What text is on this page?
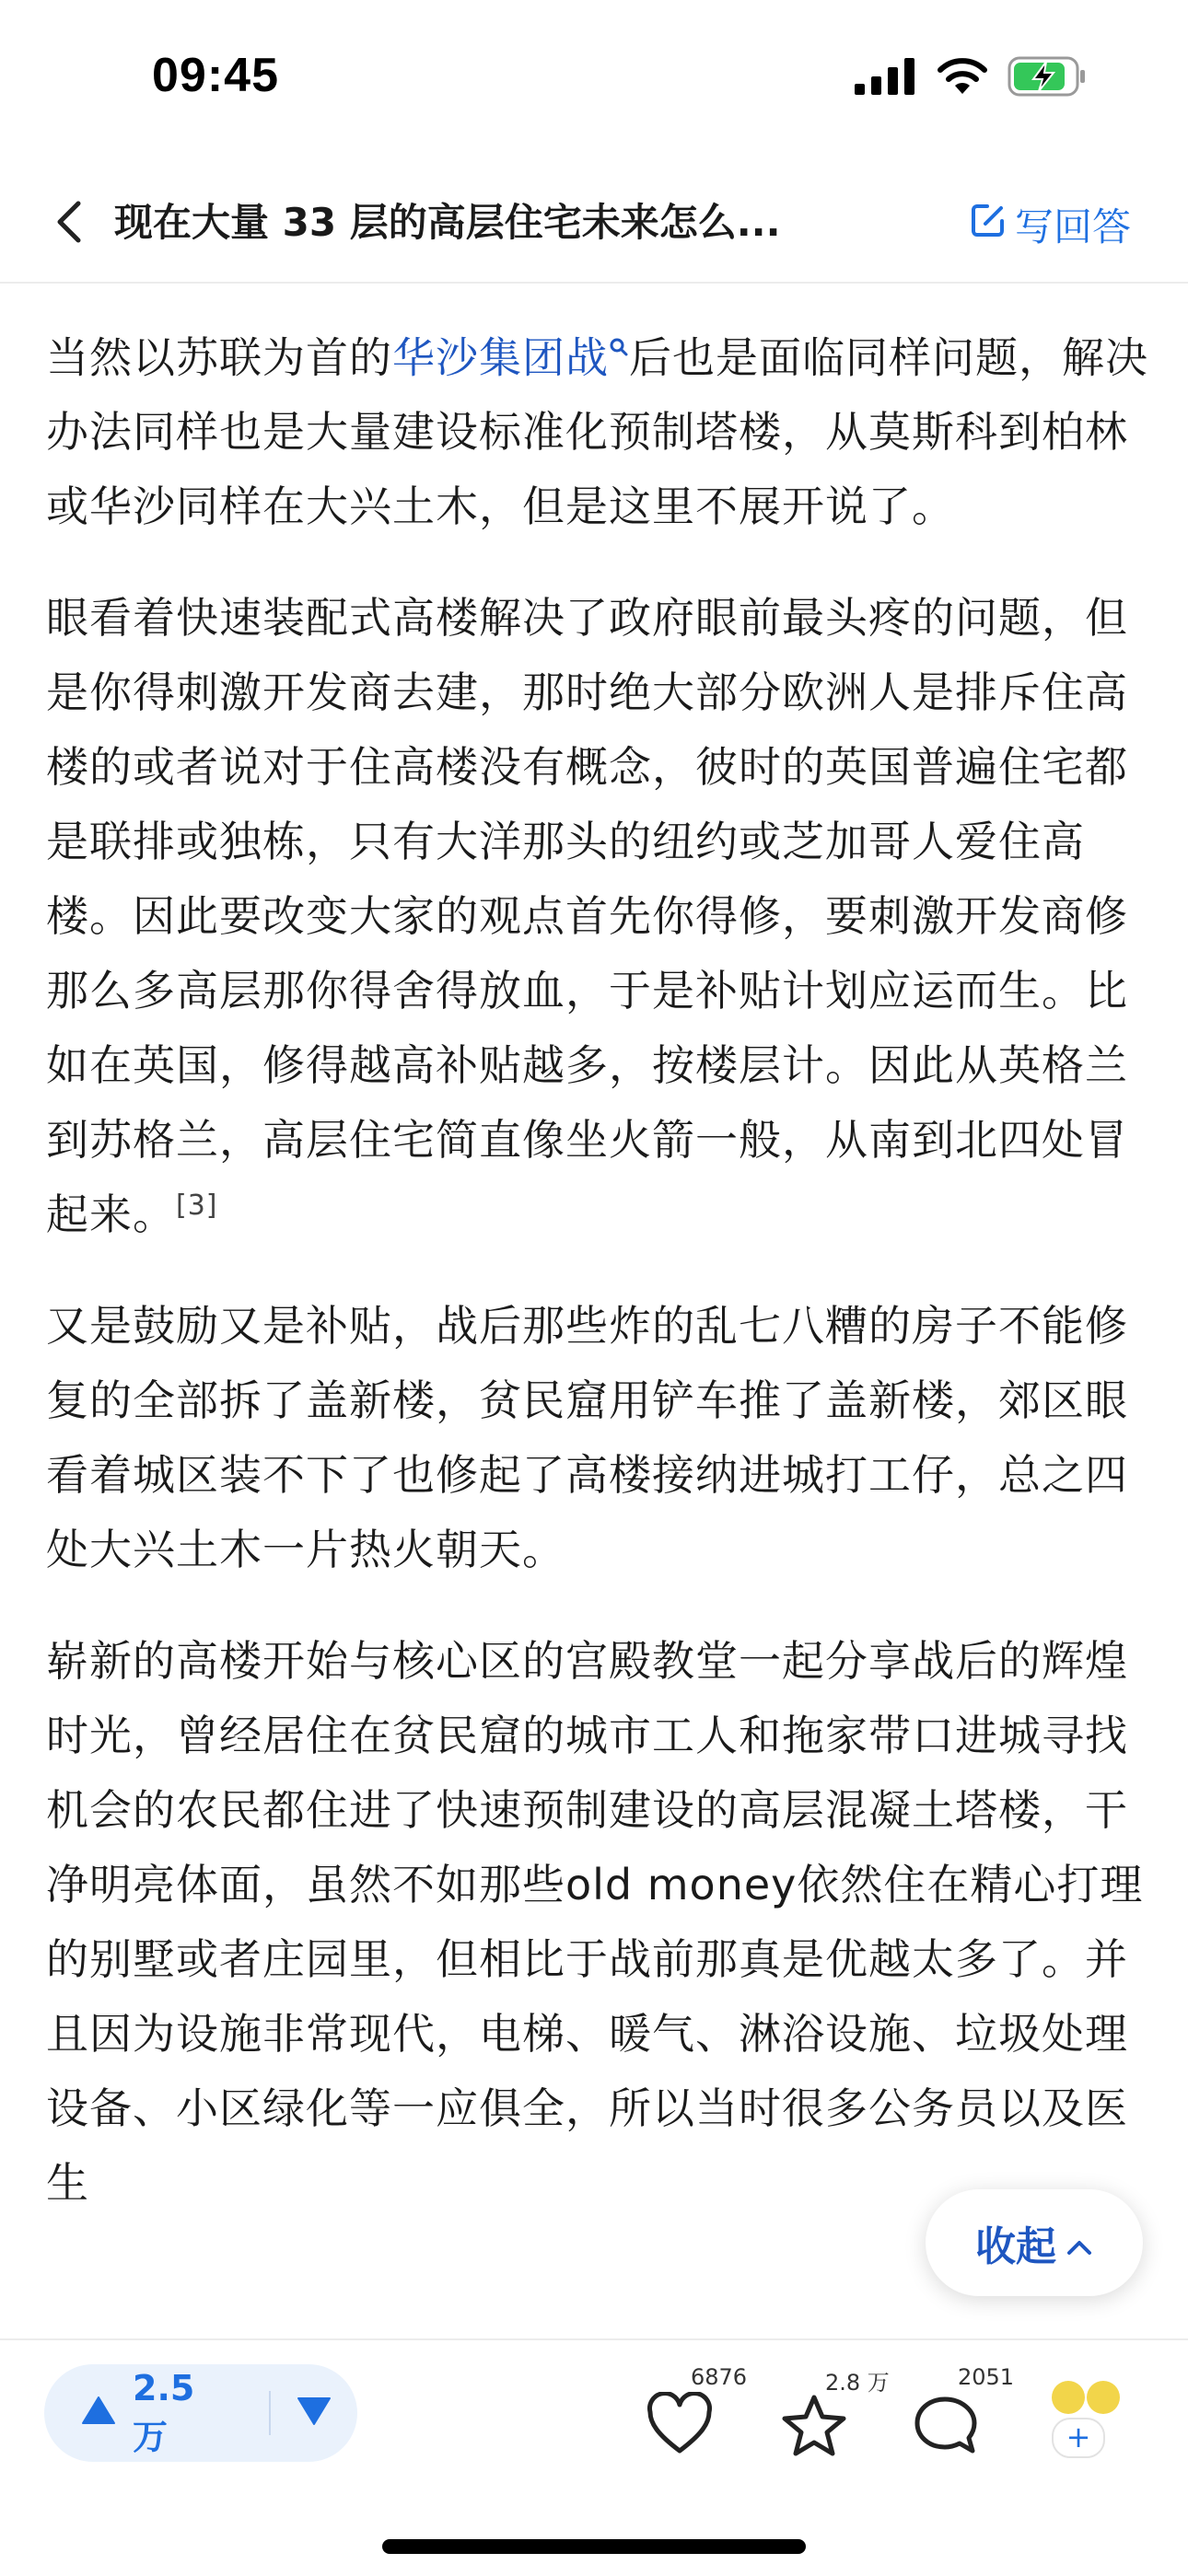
09:45
现在大量 33 层的高层住宅未来怎么...	写回答

当然以苏联为首的华沙集团战 后也是面临同样问题，解决办法同样也是大量建设标准化预制塔楼，从莫斯科到柏林或华沙同样在大兴土木，但是这里不展开说了。

眼看着快速装配式高楼解决了政府眼前最头疼的问题，但是你得刺激开发商去建，那时绝大部分欧洲人是排斥住高楼的或者说对于住高楼没有概念，彼时的英国普遍住宅都是联排或独栋，只有大洋那头的纽约或芝加哥人爱住高楼。因此要改变大家的观点首先你得修，要刺激开发商修那么多高层那你得舍得放血，于是补贴计划应运而生。比如在英国，修得越高补贴越多，按楼层计。因此从英格兰到苏格兰，高层住宅简直像坐火箭一般，从南到北四处冒起来。[3]

又是鼓励又是补贴，战后那些炸的乱七八糟的房子不能修复的全部拆了盖新楼，贫民窟用铲车推了盖新楼，郊区眼看着城区装不下了也修起了高楼接纳进城打工仔，总之四处大兴土木一片热火朝天。

崭新的高楼开始与核心区的宫殿教堂一起分享战后的辉煌时光，曾经居住在贫民窟的城市工人和拖家带口进城寻找机会的农民都住进了快速预制建设的高层混凝土塔楼，干净明亮体面，虽然不如那些old money依然住在精心打理的别墅或者庄园里，但相比于战前那真是优越太多了。并且因为设施非常现代，电梯、暖气、淋浴设施、垃圾处理设备、小区绿化等一应俱全，所以当时很多公务员以及医生

收起
2.5 万
6876	2.8 万	2051
+
